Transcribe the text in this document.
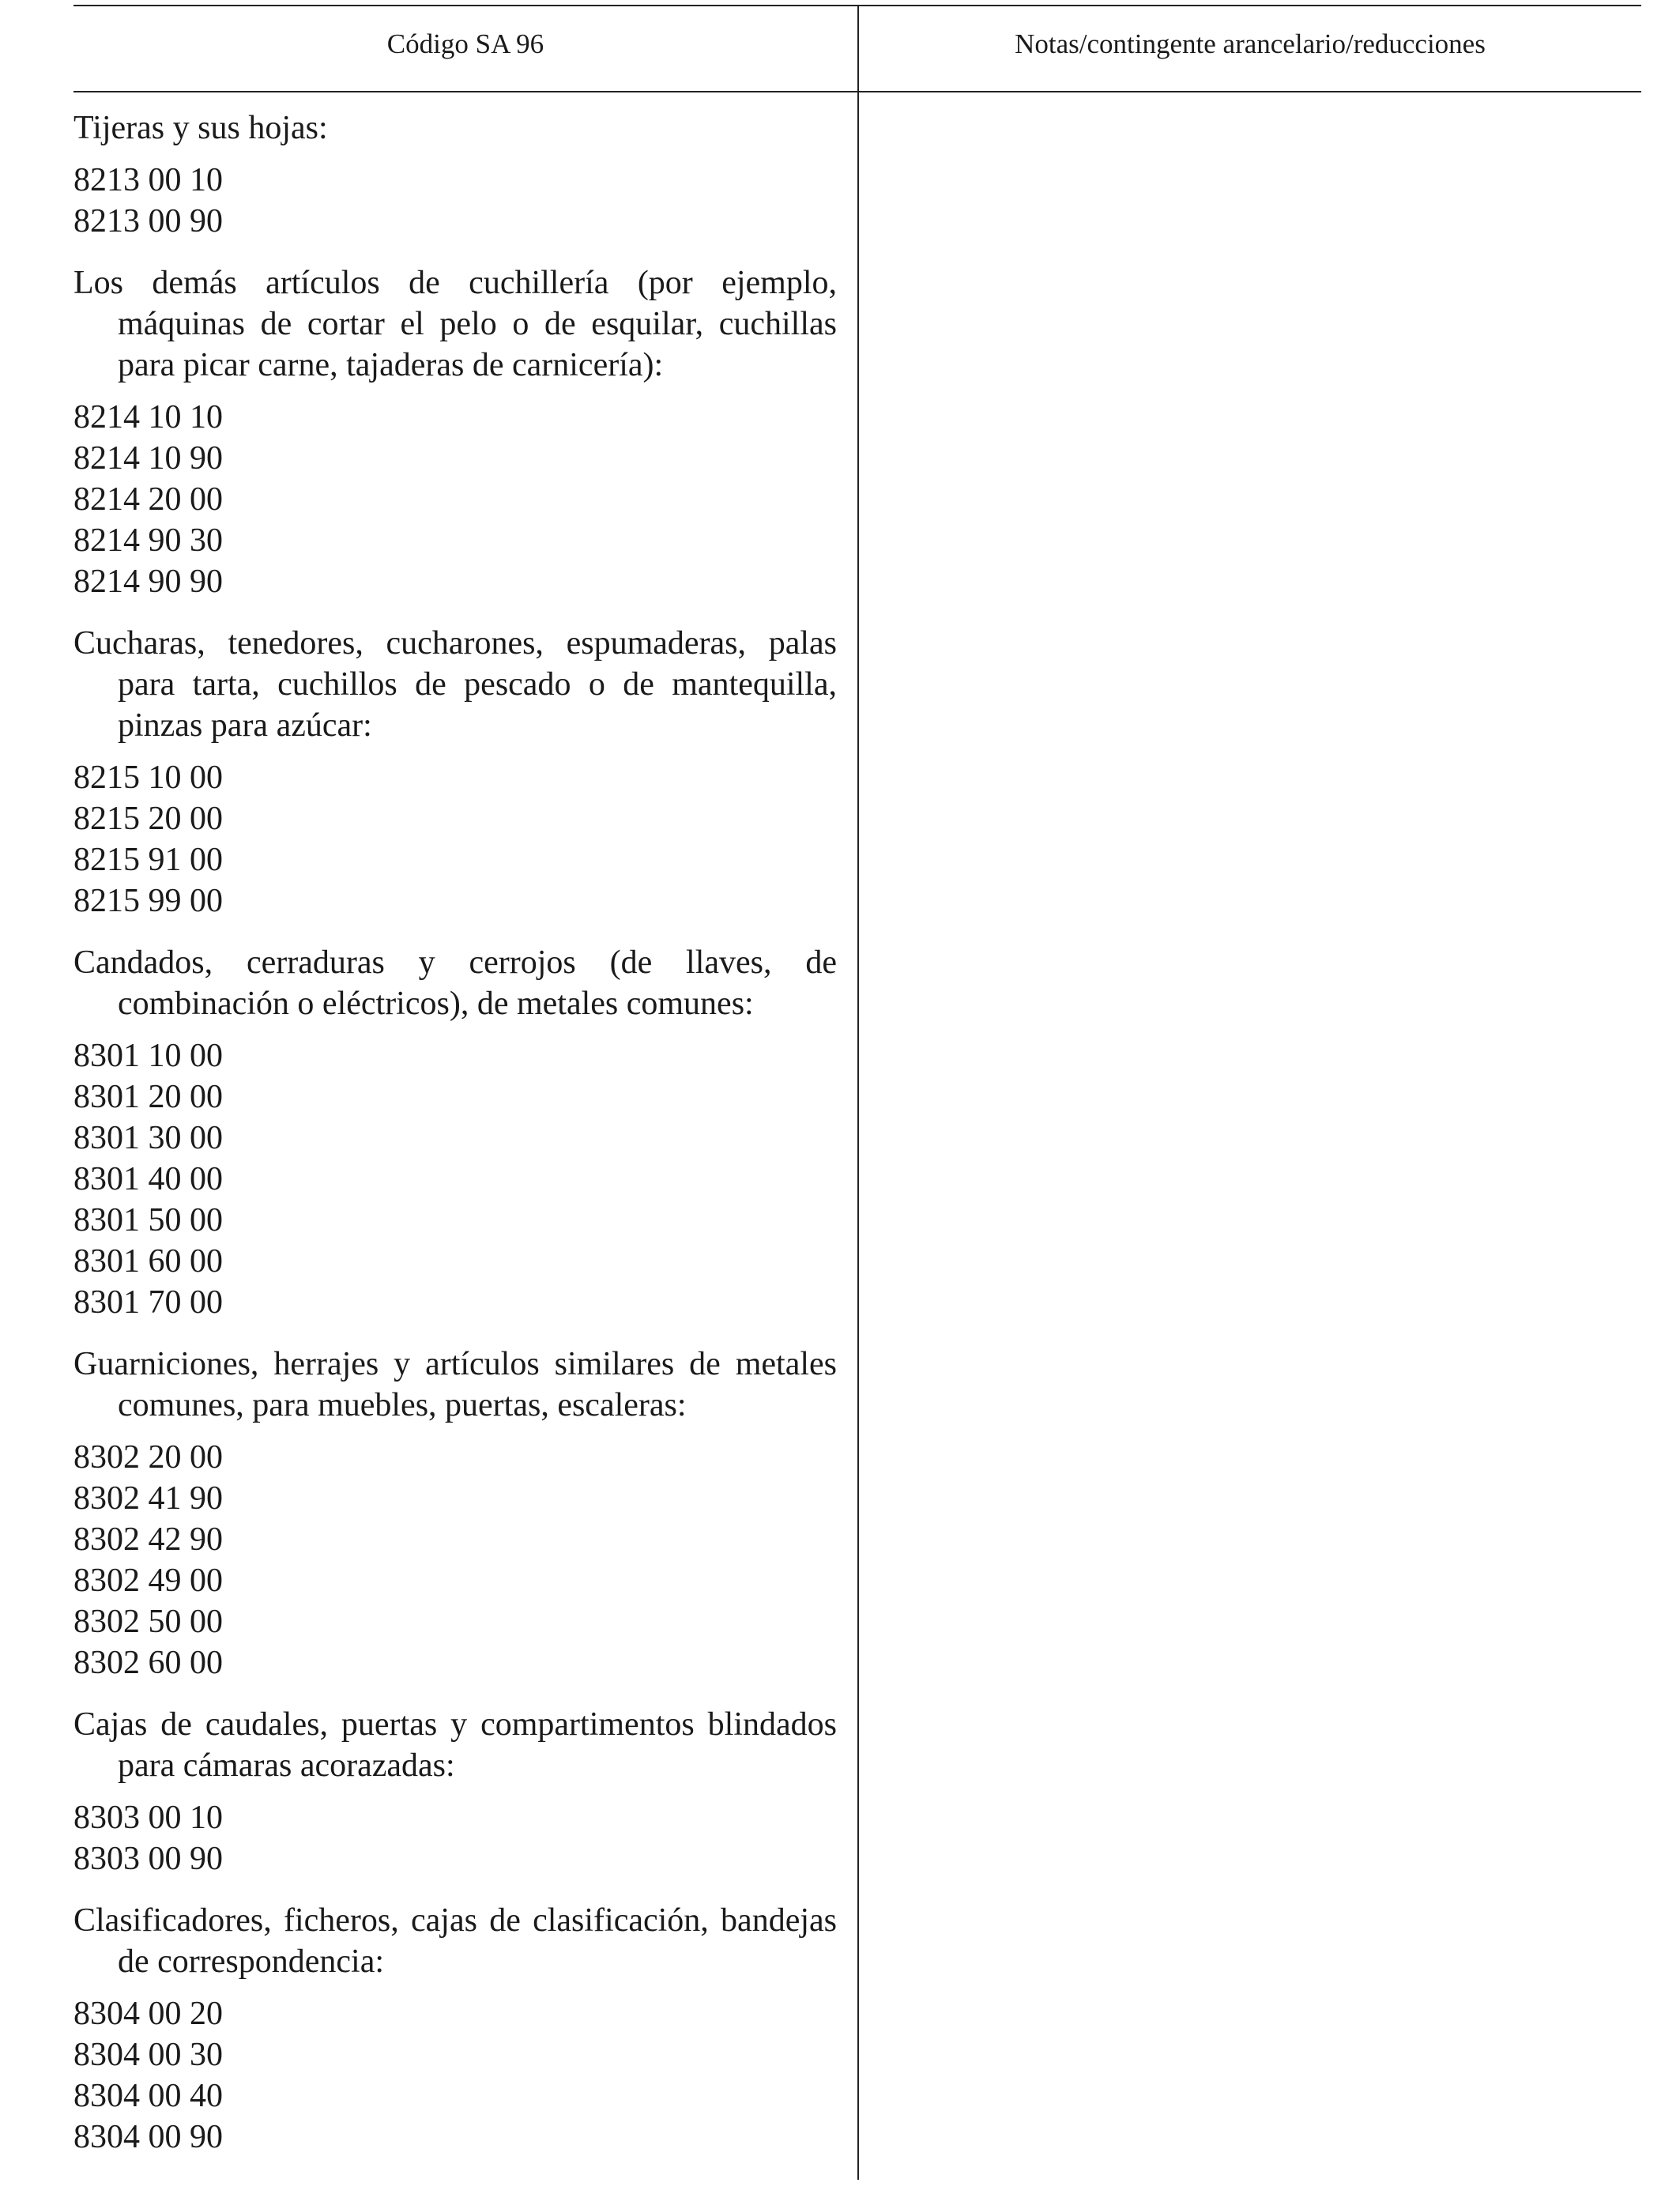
Código SA 96	Notas/contingente arancelario/reducciones
Tijeras y sus hojas:
8213 00 10
8213 00 90
Los demás artículos de cuchillería (por ejemplo, máquinas de cortar el pelo o de esquilar, cuchillas para picar carne, tajaderas de carnicería):
8214 10 10
8214 10 90
8214 20 00
8214 90 30
8214 90 90
Cucharas, tenedores, cucharones, espumaderas, palas para tarta, cuchillos de pescado o de mantequilla, pinzas para azúcar:
8215 10 00
8215 20 00
8215 91 00
8215 99 00
Candados, cerraduras y cerrojos (de llaves, de combinación o eléctricos), de metales comunes:
8301 10 00
8301 20 00
8301 30 00
8301 40 00
8301 50 00
8301 60 00
8301 70 00
Guarniciones, herrajes y artículos similares de metales comunes, para muebles, puertas, escaleras:
8302 20 00
8302 41 90
8302 42 90
8302 49 00
8302 50 00
8302 60 00
Cajas de caudales, puertas y compartimentos blindados para cámaras acorazadas:
8303 00 10
8303 00 90
Clasificadores, ficheros, cajas de clasificación, bandejas de correspondencia:
8304 00 20
8304 00 30
8304 00 40
8304 00 90
